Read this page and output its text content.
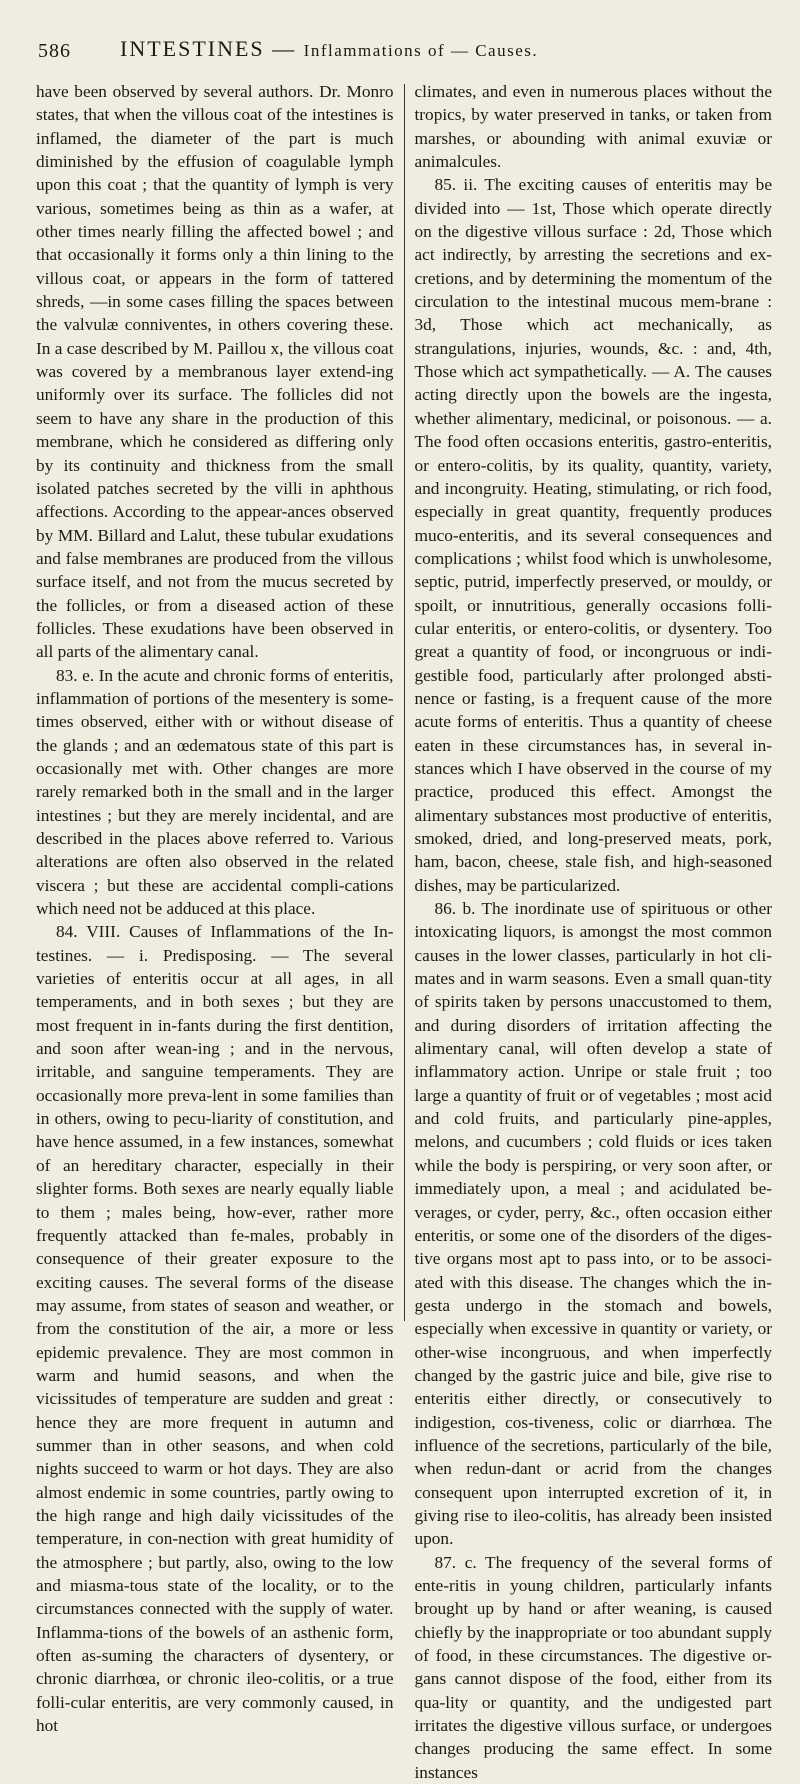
586 INTESTINES — Inflammations of — Causes.

have been observed by several authors. Dr. Monro states, that when the villous coat of the intestines is inflamed, the diameter of the part is much diminished by the effusion of coagulable lymph upon this coat ; that the quantity of lymph is very various, sometimes being as thin as a wafer, at other times nearly filling the affected bowel ; and that occasionally it forms only a thin lining to the villous coat, or appears in the form of tattered shreds, —in some cases filling the spaces between the valvulæ conniventes, in others covering these. In a case described by M. Paillou x, the villous coat was covered by a membranous layer extend-ing uniformly over its surface. The follicles did not seem to have any share in the production of this membrane, which he considered as differing only by its continuity and thickness from the small isolated patches secreted by the villi in aphthous affections. According to the appear-ances observed by MM. Billard and Lalut, these tubular exudations and false membranes are produced from the villous surface itself, and not from the mucus secreted by the follicles, or from a diseased action of these follicles. These exudations have been observed in all parts of the alimentary canal.

83. e. In the acute and chronic forms of enteritis, inflammation of portions of the mesentery is some-times observed, either with or without disease of the glands ; and an œdematous state of this part is occasionally met with. Other changes are more rarely remarked both in the small and in the larger intestines ; but they are merely incidental, and are described in the places above referred to. Various alterations are often also observed in the related viscera ; but these are accidental compli-cations which need not be adduced at this place.

84. VIII. Causes of Inflammations of the In-testines. — i. Predisposing. — The several varieties of enteritis occur at all ages, in all temperaments, and in both sexes ; but they are most frequent in in-fants during the first dentition, and soon after wean-ing ; and in the nervous, irritable, and sanguine temperaments. They are occasionally more preva-lent in some families than in others, owing to pecu-liarity of constitution, and have hence assumed, in a few instances, somewhat of an hereditary character, especially in their slighter forms. Both sexes are nearly equally liable to them ; males being, how-ever, rather more frequently attacked than fe-males, probably in consequence of their greater exposure to the exciting causes. The several forms of the disease may assume, from states of season and weather, or from the constitution of the air, a more or less epidemic prevalence. They are most common in warm and humid seasons, and when the vicissitudes of temperature are sudden and great : hence they are more frequent in autumn and summer than in other seasons, and when cold nights succeed to warm or hot days. They are also almost endemic in some countries, partly owing to the high range and high daily vicissitudes of the temperature, in con-nection with great humidity of the atmosphere ; but partly, also, owing to the low and miasma-tous state of the locality, or to the circumstances connected with the supply of water. Inflamma-tions of the bowels of an asthenic form, often as-suming the characters of dysentery, or chronic diarrhœa, or chronic ileo-colitis, or a true folli-cular enteritis, are very commonly caused, in hot

climates, and even in numerous places without the tropics, by water preserved in tanks, or taken from marshes, or abounding with animal exuviæ or animalcules.

85. ii. The exciting causes of enteritis may be divided into — 1st, Those which operate directly on the digestive villous surface : 2d, Those which act indirectly, by arresting the secretions and ex-cretions, and by determining the momentum of the circulation to the intestinal mucous mem-brane : 3d, Those which act mechanically, as strangulations, injuries, wounds, &c. : and, 4th, Those which act sympathetically. — A. The causes acting directly upon the bowels are the ingesta, whether alimentary, medicinal, or poisonous. — a. The food often occasions enteritis, gastro-enteritis, or entero-colitis, by its quality, quantity, variety, and incongruity. Heating, stimulating, or rich food, especially in great quantity, frequently produces muco-enteritis, and its several consequences and complications ; whilst food which is unwholesome, septic, putrid, imperfectly preserved, or mouldy, or spoilt, or innutritious, generally occasions folli-cular enteritis, or entero-colitis, or dysentery. Too great a quantity of food, or incongruous or indi-gestible food, particularly after prolonged absti-nence or fasting, is a frequent cause of the more acute forms of enteritis. Thus a quantity of cheese eaten in these circumstances has, in several in-stances which I have observed in the course of my practice, produced this effect. Amongst the alimentary substances most productive of enteritis, smoked, dried, and long-preserved meats, pork, ham, bacon, cheese, stale fish, and high-seasoned dishes, may be particularized.

86. b. The inordinate use of spirituous or other intoxicating liquors, is amongst the most common causes in the lower classes, particularly in hot cli-mates and in warm seasons. Even a small quan-tity of spirits taken by persons unaccustomed to them, and during disorders of irritation affecting the alimentary canal, will often develop a state of inflammatory action. Unripe or stale fruit ; too large a quantity of fruit or of vegetables ; most acid and cold fruits, and particularly pine-apples, melons, and cucumbers ; cold fluids or ices taken while the body is perspiring, or very soon after, or immediately upon, a meal ; and acidulated be-verages, or cyder, perry, &c., often occasion either enteritis, or some one of the disorders of the diges-tive organs most apt to pass into, or to be associ-ated with this disease. The changes which the in-gesta undergo in the stomach and bowels, especially when excessive in quantity or variety, or other-wise incongruous, and when imperfectly changed by the gastric juice and bile, give rise to enteritis either directly, or consecutively to indigestion, cos-tiveness, colic or diarrhœa. The influence of the secretions, particularly of the bile, when redun-dant or acrid from the changes consequent upon interrupted excretion of it, in giving rise to ileo-colitis, has already been insisted upon.

87. c. The frequency of the several forms of ente-ritis in young children, particularly infants brought up by hand or after weaning, is caused chiefly by the inappropriate or too abundant supply of food, in these circumstances. The digestive or-gans cannot dispose of the food, either from its qua-lity or quantity, and the undigested part irritates the digestive villous surface, or undergoes changes producing the same effect. In some instances
